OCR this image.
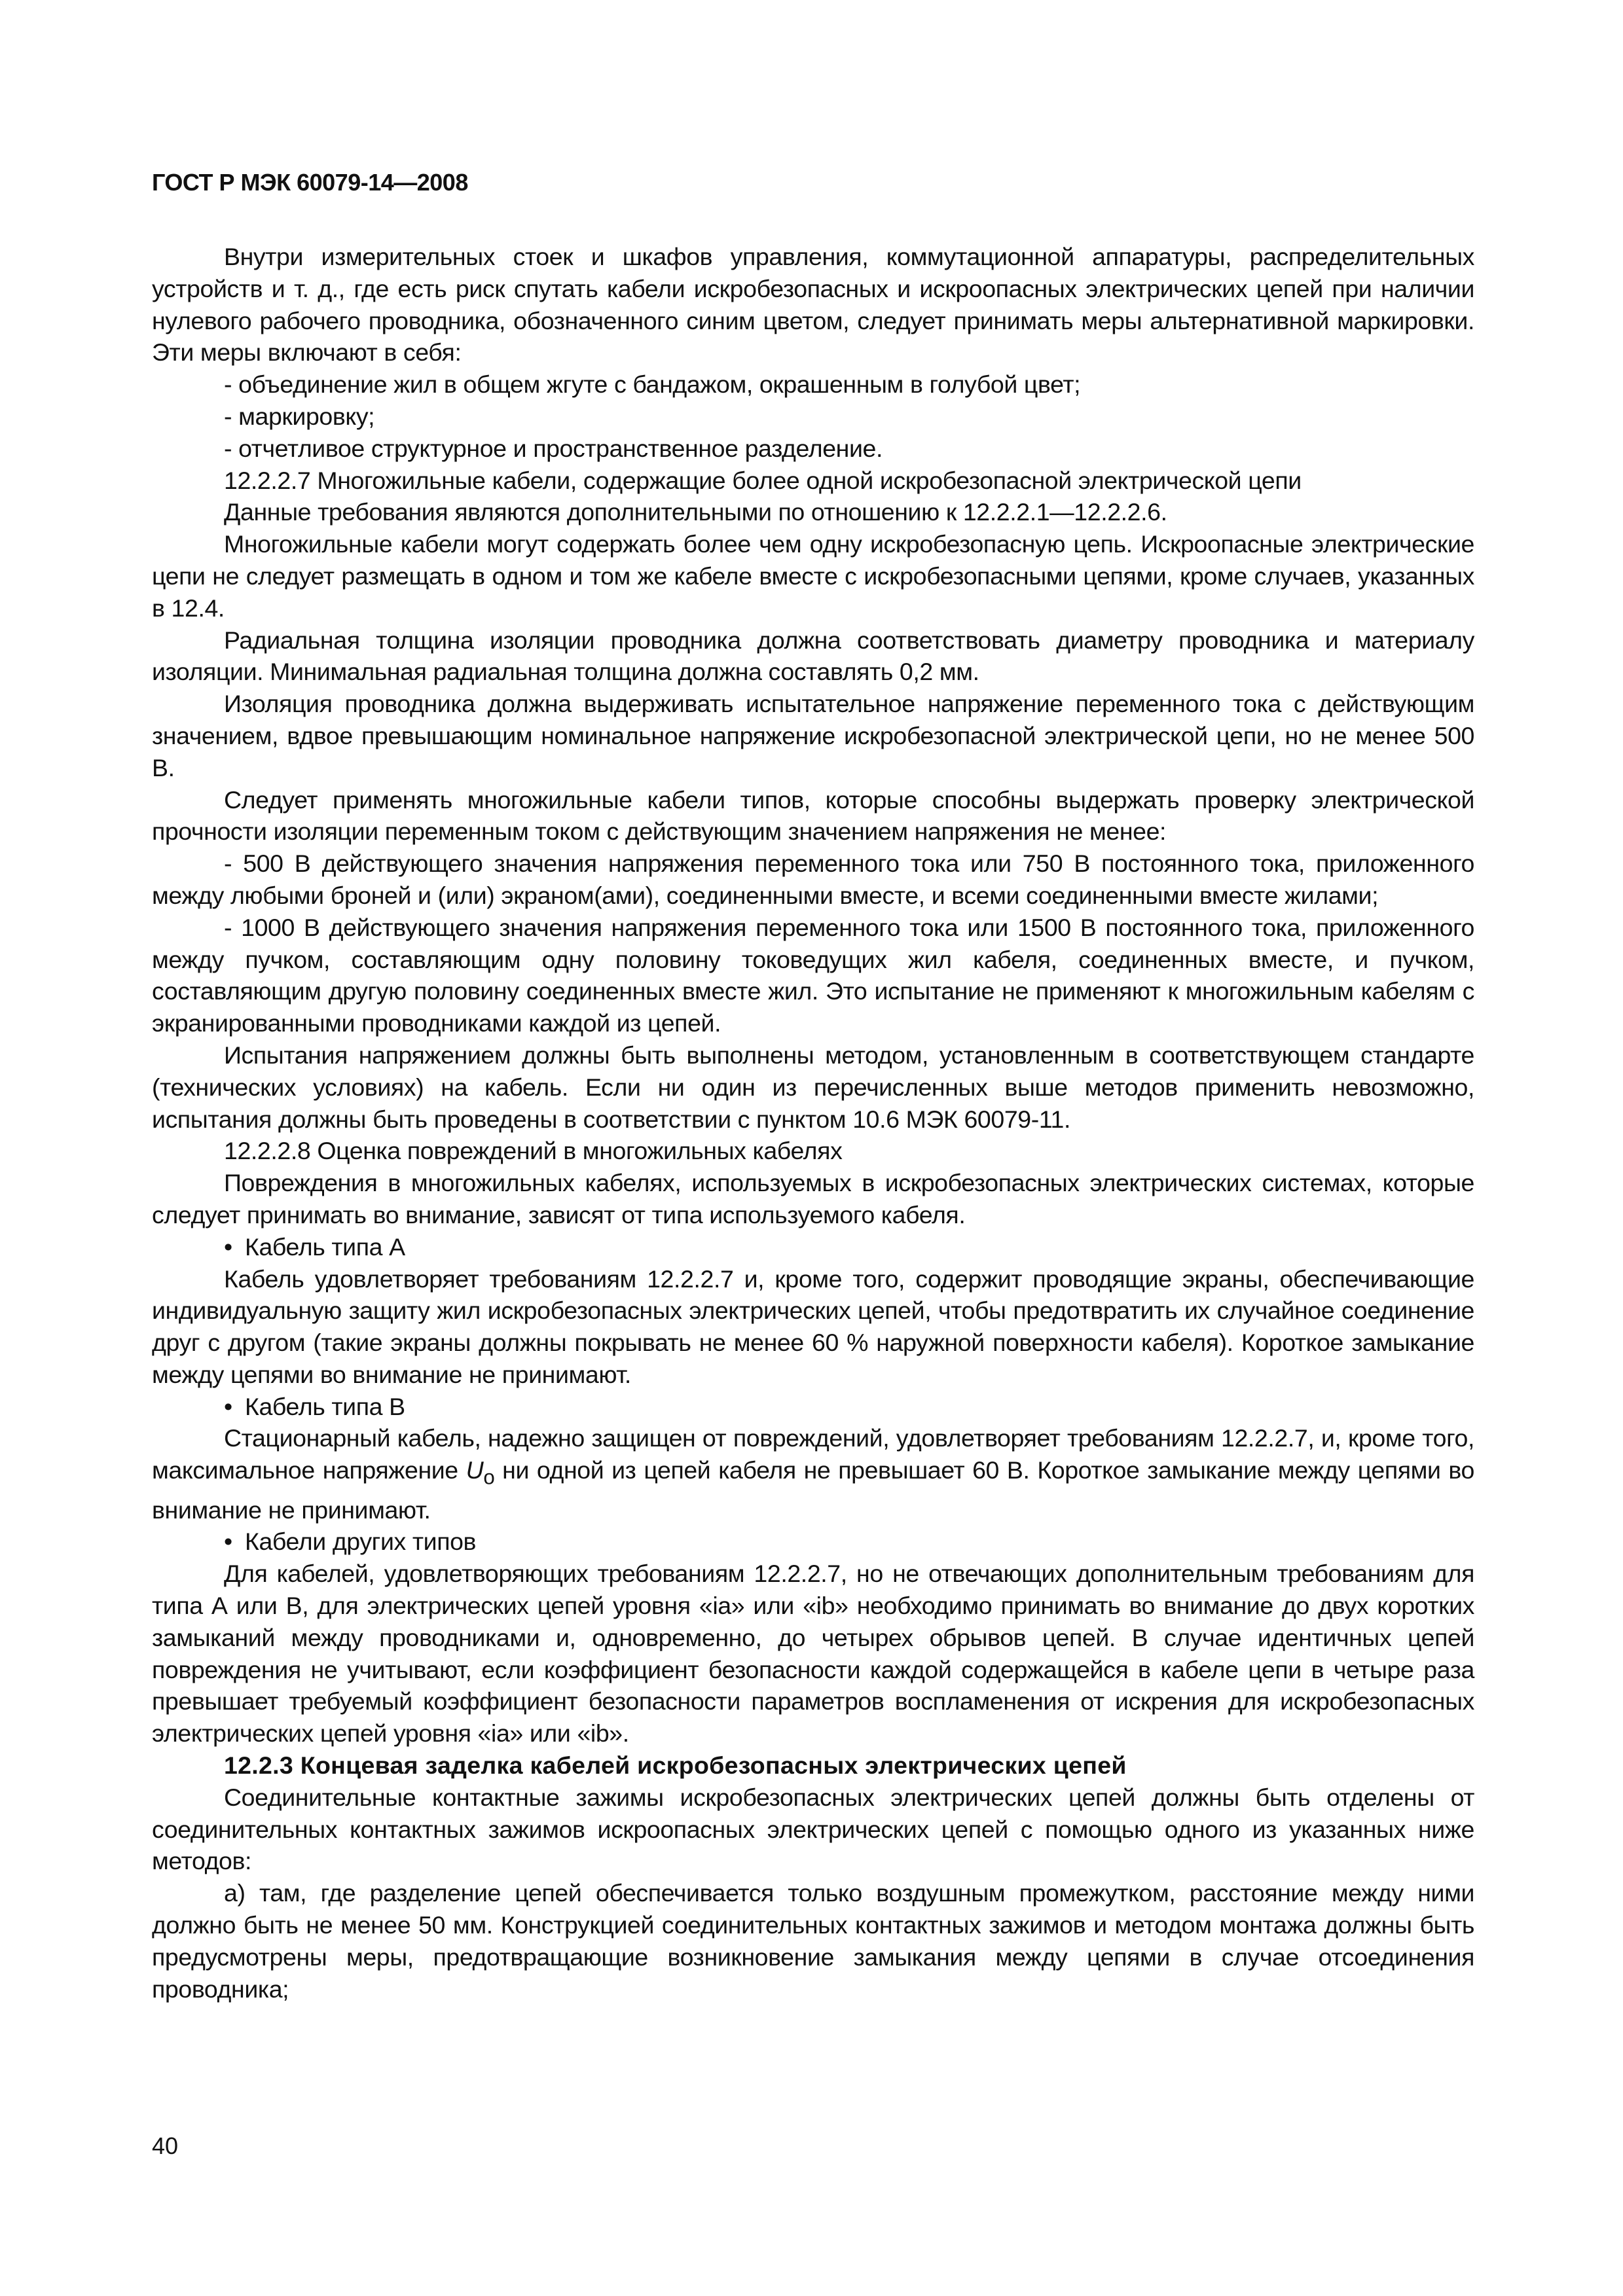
ГОСТ Р МЭК 60079-14—2008

Внутри измерительных стоек и шкафов управления, коммутационной аппаратуры, распределительных устройств и т. д., где есть риск спутать кабели искробезопасных и искроопасных электрических цепей при наличии нулевого рабочего проводника, обозначенного синим цветом, следует принимать меры альтернативной маркировки. Эти меры включают в себя:

- объединение жил в общем жгуте с бандажом, окрашенным в голубой цвет;

- маркировку;

- отчетливое структурное и пространственное разделение.

12.2.2.7 Многожильные кабели, содержащие более одной искробезопасной электрической цепи

Данные требования являются дополнительными по отношению к 12.2.2.1—12.2.2.6.

Многожильные кабели могут содержать более чем одну искробезопасную цепь. Искроопасные электрические цепи не следует размещать в одном и том же кабеле вместе с искробезопасными цепями, кроме случаев, указанных в 12.4.

Радиальная толщина изоляции проводника должна соответствовать диаметру проводника и материалу изоляции. Минимальная радиальная толщина должна составлять 0,2 мм.

Изоляция проводника должна выдерживать испытательное напряжение переменного тока с действующим значением, вдвое превышающим номинальное напряжение искробезопасной электрической цепи, но не менее 500 В.

Следует применять многожильные кабели типов, которые способны выдержать проверку электрической прочности изоляции переменным током с действующим значением напряжения не менее:

- 500 В действующего значения напряжения переменного тока или 750 В постоянного тока, приложенного между любыми броней и (или) экраном(ами), соединенными вместе, и всеми соединенными вместе жилами;

- 1000 В действующего значения напряжения переменного тока или 1500 В постоянного тока, приложенного между пучком, составляющим одну половину токоведущих жил кабеля, соединенных вместе, и пучком, составляющим другую половину соединенных вместе жил. Это испытание не применяют к многожильным кабелям с экранированными проводниками каждой из цепей.

Испытания напряжением должны быть выполнены методом, установленным в соответствующем стандарте (технических условиях) на кабель. Если ни один из перечисленных выше методов применить невозможно, испытания должны быть проведены в соответствии с пунктом 10.6 МЭК 60079-11.

12.2.2.8 Оценка повреждений в многожильных кабелях

Повреждения в многожильных кабелях, используемых в искробезопасных электрических системах, которые следует принимать во внимание, зависят от типа используемого кабеля.

• Кабель типа А

Кабель удовлетворяет требованиям 12.2.2.7 и, кроме того, содержит проводящие экраны, обеспечивающие индивидуальную защиту жил искробезопасных электрических цепей, чтобы предотвратить их случайное соединение друг с другом (такие экраны должны покрывать не менее 60 % наружной поверхности кабеля). Короткое замыкание между цепями во внимание не принимают.

• Кабель типа В

Стационарный кабель, надежно защищен от повреждений, удовлетворяет требованиям 12.2.2.7, и, кроме того, максимальное напряжение $U_o$ ни одной из цепей кабеля не превышает 60 В. Короткое замыкание между цепями во внимание не принимают.

• Кабели других типов

Для кабелей, удовлетворяющих требованиям 12.2.2.7, но не отвечающих дополнительным требованиям для типа А или В, для электрических цепей уровня «ia» или «ib» необходимо принимать во внимание до двух коротких замыканий между проводниками и, одновременно, до четырех обрывов цепей. В случае идентичных цепей повреждения не учитывают, если коэффициент безопасности каждой содержащейся в кабеле цепи в четыре раза превышает требуемый коэффициент безопасности параметров воспламенения от искрения для искробезопасных электрических цепей уровня «ia» или «ib».

12.2.3 Концевая заделка кабелей искробезопасных электрических цепей

Соединительные контактные зажимы искробезопасных электрических цепей должны быть отделены от соединительных контактных зажимов искроопасных электрических цепей с помощью одного из указанных ниже методов:

а) там, где разделение цепей обеспечивается только воздушным промежутком, расстояние между ними должно быть не менее 50 мм. Конструкцией соединительных контактных зажимов и методом монтажа должны быть предусмотрены меры, предотвращающие возникновение замыкания между цепями в случае отсоединения проводника;

40
